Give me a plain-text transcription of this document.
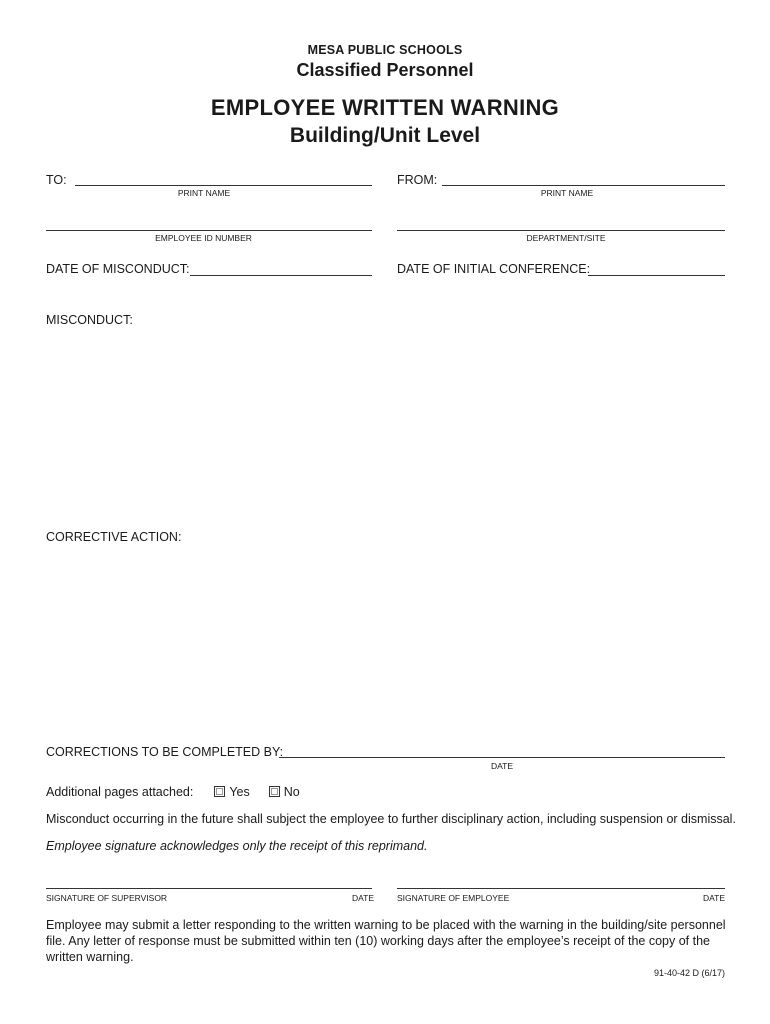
MESA PUBLIC SCHOOLS
Classified Personnel
EMPLOYEE WRITTEN WARNING
Building/Unit Level
TO:
PRINT NAME
FROM:
PRINT NAME
EMPLOYEE ID NUMBER	DEPARTMENT/SITE
DATE OF MISCONDUCT:	DATE OF INITIAL CONFERENCE:
MISCONDUCT:
CORRECTIVE ACTION:
CORRECTIONS TO BE COMPLETED BY:
DATE
Additional pages attached:	Yes	No
Misconduct occurring in the future shall subject the employee to further disciplinary action, including suspension or dismissal.
Employee signature acknowledges only the receipt of this reprimand.
SIGNATURE OF SUPERVISOR	DATE	SIGNATURE OF EMPLOYEE	DATE
Employee may submit a letter responding to the written warning to be placed with the warning in the building/site personnel file. Any letter of response must be submitted within ten (10) working days after the employee’s receipt of the copy of the written warning.
91-40-42 D (6/17)
